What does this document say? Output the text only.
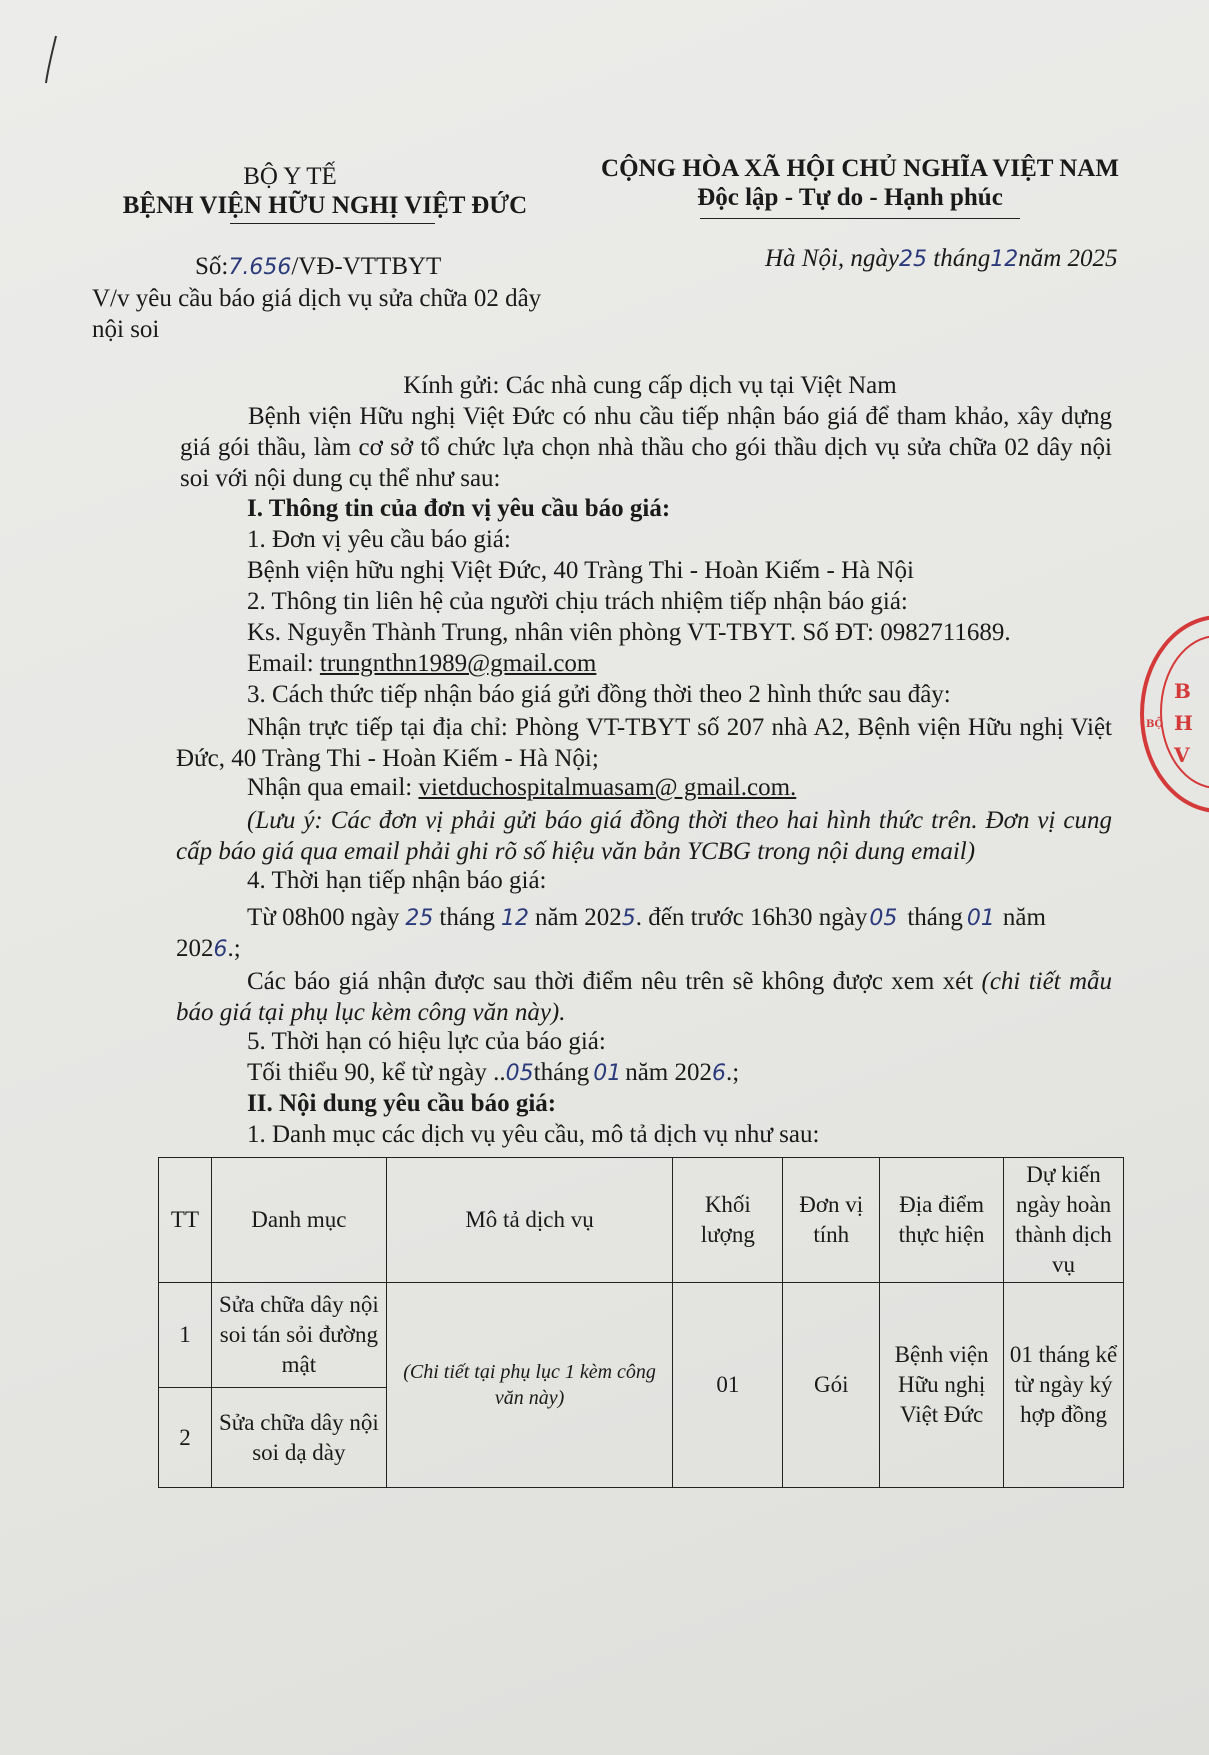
BỘ Y TẾ
BỆNH VIỆN HỮU NGHỊ VIỆT ĐỨC
CỘNG HÒA XÃ HỘI CHỦ NGHĨA VIỆT NAM
Độc lập - Tự do - Hạnh phúc
Số:7.656/VĐ-VTTBYT	Hà Nội, ngày25 tháng12năm 2025
V/v yêu cầu báo giá dịch vụ sửa chữa 02 dây
nội soi
Kính gửi: Các nhà cung cấp dịch vụ tại Việt Nam
Bệnh viện Hữu nghị Việt Đức có nhu cầu tiếp nhận báo giá để tham khảo, xây dựng giá gói thầu, làm cơ sở tổ chức lựa chọn nhà thầu cho gói thầu dịch vụ sửa chữa 02 dây nội soi với nội dung cụ thể như sau:
I. Thông tin của đơn vị yêu cầu báo giá:
1. Đơn vị yêu cầu báo giá:
Bệnh viện hữu nghị Việt Đức, 40 Tràng Thi - Hoàn Kiếm - Hà Nội
2. Thông tin liên hệ của người chịu trách nhiệm tiếp nhận báo giá:
Ks. Nguyễn Thành Trung, nhân viên phòng VT-TBYT. Số ĐT: 0982711689.
Email: trungnthn1989@gmail.com
3. Cách thức tiếp nhận báo giá gửi đồng thời theo 2 hình thức sau đây:
Nhận trực tiếp tại địa chỉ: Phòng VT-TBYT số 207 nhà A2, Bệnh viện Hữu nghị Việt Đức, 40 Tràng Thi - Hoàn Kiếm - Hà Nội;
Nhận qua email: vietduchospitalmuasam@ gmail.com.
(Lưu ý: Các đơn vị phải gửi báo giá đồng thời theo hai hình thức trên. Đơn vị cung cấp báo giá qua email phải ghi rõ số hiệu văn bản YCBG trong nội dung email)
4. Thời hạn tiếp nhận báo giá:
Từ 08h00 ngày 25 tháng 12 năm 2025. đến trước 16h30 ngày05 tháng 01 năm
2026.;
Các báo giá nhận được sau thời điểm nêu trên sẽ không được xem xét (chi tiết mẫu báo giá tại phụ lục kèm công văn này).
5. Thời hạn có hiệu lực của báo giá:
Tối thiểu 90, kể từ ngày ..05tháng 01 năm 2026.;
II. Nội dung yêu cầu báo giá:
1. Danh mục các dịch vụ yêu cầu, mô tả dịch vụ như sau:
TT	Danh mục	Mô tả dịch vụ	Khối lượng	Đơn vị tính	Địa điểm thực hiện	Dự kiến ngày hoàn thành dịch vụ
1	Sửa chữa dây nội soi tán sỏi đường mật	(Chi tiết tại phụ lục 1 kèm công văn này)	01	Gói	Bệnh viện Hữu nghị Việt Đức	01 tháng kể từ ngày ký hợp đồng
2	Sửa chữa dây nội soi dạ dày					
B
H
V
BỘ
